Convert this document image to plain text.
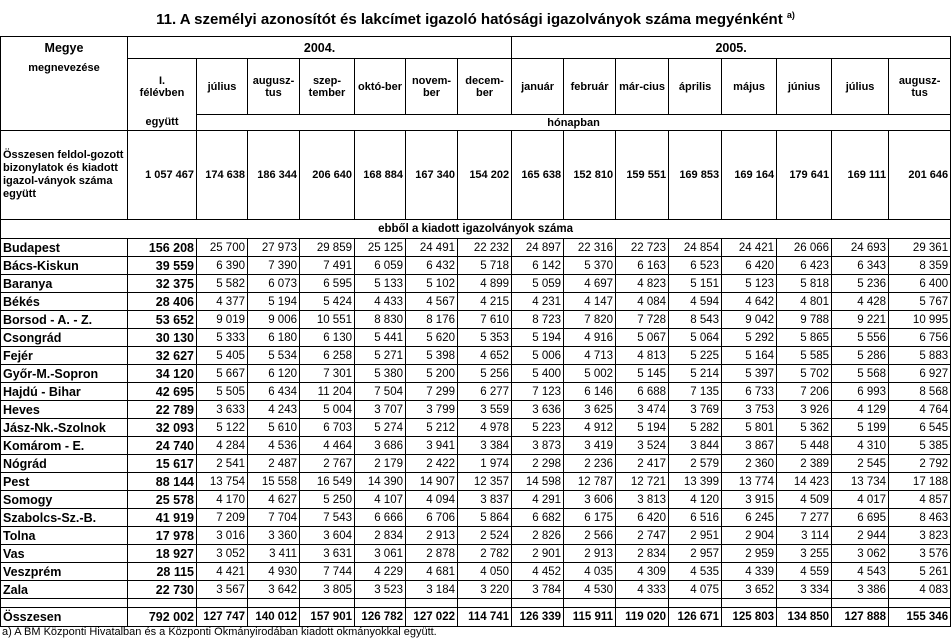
11. A személyi azonosítót és lakcímet igazoló hatósági igazolványok száma megyénként $^{a)}$
Megye	2004.							2005.							
megnevezése	I.
félévben	július	augusz-tus	szep-tember	októ-ber	novem-ber	decem-ber	január	február	már-cius	április	május	június	július	augusz-tus
	együtt	hónapban													
Összesen feldol-gozott bizonylatok és kiadott igazol-ványok száma együtt	1 057 467	174 638	186 344	206 640	168 884	167 340	154 202	165 638	152 810	159 551	169 853	169 164	179 641	169 111	201 646
ebből a kiadott igazolványok száma															
Budapest	156 208	25 700	27 973	29 859	25 125	24 491	22 232	24 897	22 316	22 723	24 854	24 421	26 066	24 693	29 361
Bács-Kiskun	39 559	6 390	7 390	7 491	6 059	6 432	5 718	6 142	5 370	6 163	6 523	6 420	6 423	6 343	8 359
Baranya	32 375	5 582	6 073	6 595	5 133	5 102	4 899	5 059	4 697	4 823	5 151	5 123	5 818	5 236	6 400
Békés	28 406	4 377	5 194	5 424	4 433	4 567	4 215	4 231	4 147	4 084	4 594	4 642	4 801	4 428	5 767
Borsod - A. - Z.	53 652	9 019	9 006	10 551	8 830	8 176	7 610	8 723	7 820	7 728	8 543	9 042	9 788	9 221	10 995
Csongrád	30 130	5 333	6 180	6 130	5 441	5 620	5 353	5 194	4 916	5 067	5 064	5 292	5 865	5 556	6 756
Fejér	32 627	5 405	5 534	6 258	5 271	5 398	4 652	5 006	4 713	4 813	5 225	5 164	5 585	5 286	5 883
Győr-M.-Sopron	34 120	5 667	6 120	7 301	5 380	5 200	5 256	5 400	5 002	5 145	5 214	5 397	5 702	5 568	6 927
Hajdú - Bihar	42 695	5 505	6 434	11 204	7 504	7 299	6 277	7 123	6 146	6 688	7 135	6 733	7 206	6 993	8 568
Heves	22 789	3 633	4 243	5 004	3 707	3 799	3 559	3 636	3 625	3 474	3 769	3 753	3 926	4 129	4 764
Jász-Nk.-Szolnok	32 093	5 122	5 610	6 703	5 274	5 212	4 978	5 223	4 912	5 194	5 282	5 801	5 362	5 199	6 545
Komárom - E.	24 740	4 284	4 536	4 464	3 686	3 941	3 384	3 873	3 419	3 524	3 844	3 867	5 448	4 310	5 385
Nógrád	15 617	2 541	2 487	2 767	2 179	2 422	1 974	2 298	2 236	2 417	2 579	2 360	2 389	2 545	2 792
Pest	88 144	13 754	15 558	16 549	14 390	14 907	12 357	14 598	12 787	12 721	13 399	13 774	14 423	13 734	17 188
Somogy	25 578	4 170	4 627	5 250	4 107	4 094	3 837	4 291	3 606	3 813	4 120	3 915	4 509	4 017	4 857
Szabolcs-Sz.-B.	41 919	7 209	7 704	7 543	6 666	6 706	5 864	6 682	6 175	6 420	6 516	6 245	7 277	6 695	8 463
Tolna	17 978	3 016	3 360	3 604	2 834	2 913	2 524	2 826	2 566	2 747	2 951	2 904	3 114	2 944	3 823
Vas	18 927	3 052	3 411	3 631	3 061	2 878	2 782	2 901	2 913	2 834	2 957	2 959	3 255	3 062	3 576
Veszprém	28 115	4 421	4 930	7 744	4 229	4 681	4 050	4 452	4 035	4 309	4 535	4 339	4 559	4 543	5 261
Zala	22 730	3 567	3 642	3 805	3 523	3 184	3 220	3 784	4 530	4 333	4 075	3 652	3 334	3 386	4 083

Összesen	792 002	127 747	140 012	157 901	126 782	127 022	114 741	126 339	115 911	119 020	126 671	125 803	134 850	127 888	155 346
a) A BM Központi Hivatalban és a Központi Okmányirodában kiadott okmányokkal együtt.
